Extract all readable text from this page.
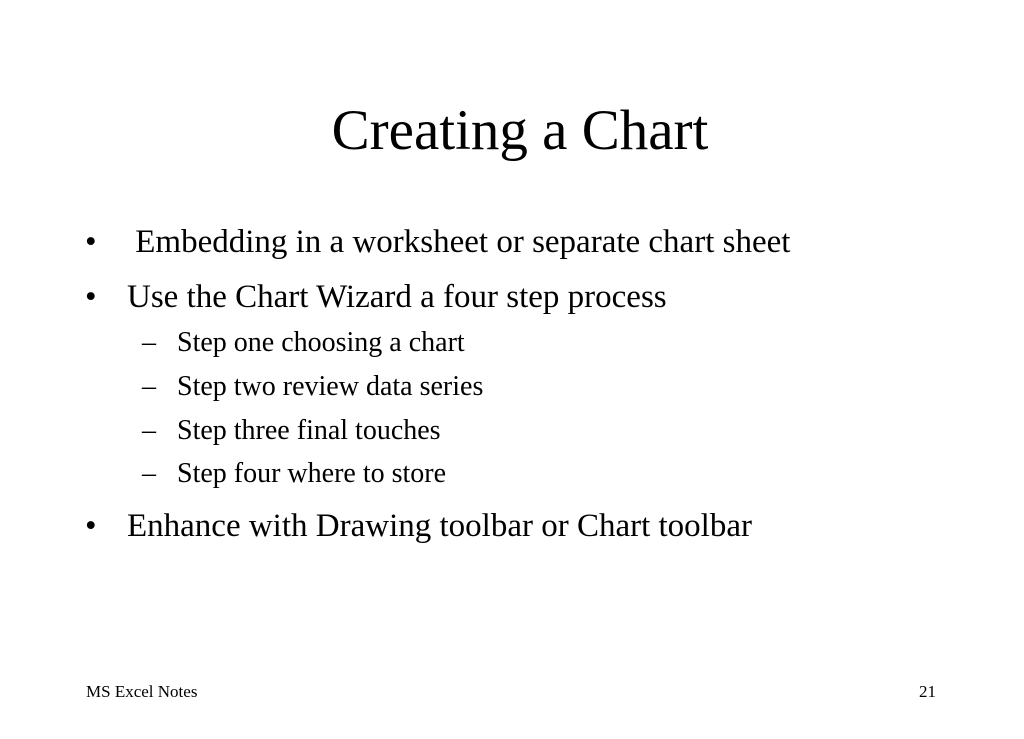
Creating a Chart
• Embedding in a worksheet or separate chart sheet
• Use the Chart Wizard a four step process
– Step one choosing a chart
– Step two review data series
– Step three final touches
– Step four where to store
• Enhance with Drawing toolbar or Chart toolbar
MS Excel Notes	21
